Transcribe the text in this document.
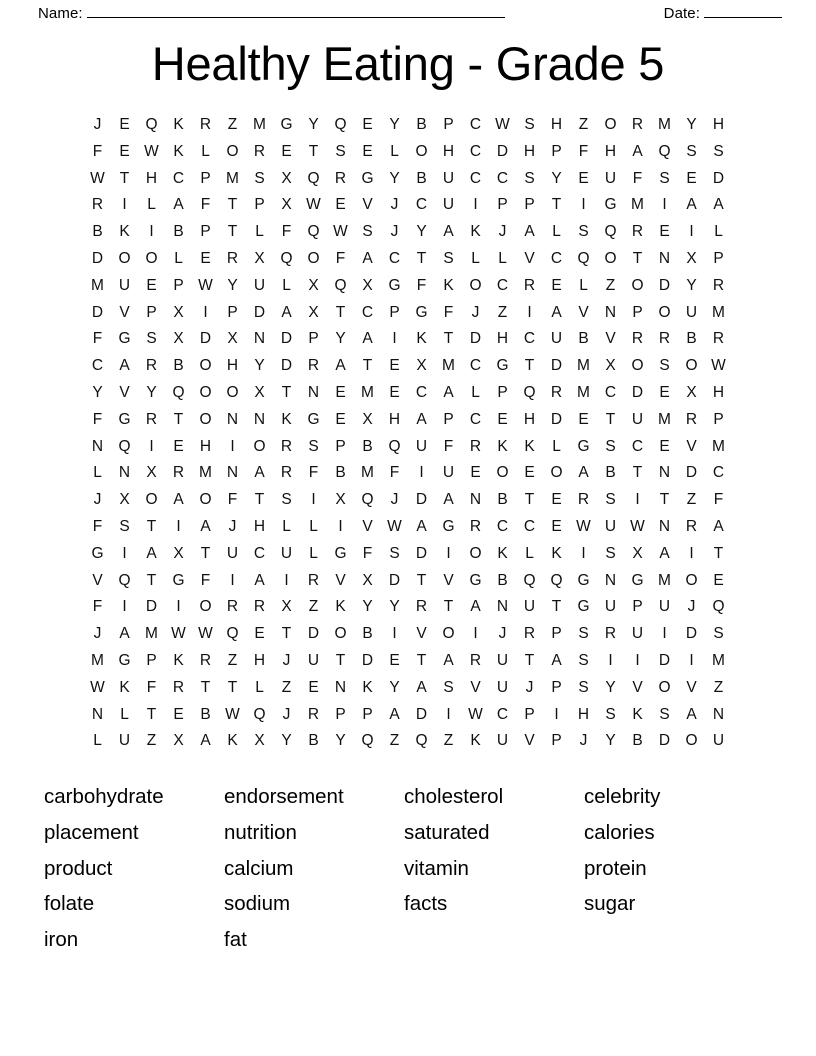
Name:	Date:
Healthy Eating - Grade 5
J	E	Q	K	R	Z	M G	Y	Q	E	Y	B	P	C W S	H	Z	O R M Y	H
F	E W K	L	O R	E	T	S	E	L	O H	C	D	H	P	F	H	A	Q	S	S
W T	H	C	P M S	X	Q R G	Y	B	U	C	C	S	Y	E	U	F	S	E	D
R	I	L	A	F	T	P	X W E	V	J	C	U	I	P	P	T	I	G M	I	A	A
B	K	I	B	P	T	L	F	Q W S	J	Y	A	K	J	A	L	S	Q R	E	I	L
D O O	L	E	R	X	Q O	F	A	C	T	S	L	L	V	C Q O	T	N	X	P
M U	E	P W Y	U	L	X	Q	X	G	F	K	O C	R	E	L	Z	O D	Y	R
D	V	P	X	I	P	D	A	X	T	C	P	G	F	J	Z	I	A	V	N	P	O U M
F	G	S	X	D	X	N	D	P	Y	A	I	K	T	D	H	C	U	B	V	R	R	B	R
C	A	R	B	O H	Y	D	R	A	T	E	X M C G	T	D M X	O	S	O W
Y	V	Y	Q O O	X	T	N	E M E	C	A	L	P	Q R M C	D	E	X	H
F	G R	T	O N	N	K	G	E	X	H	A	P	C	E	H	D	E	T	U M R	P
N Q	I	E	H	I	O R	S	P	B	Q U	F	R	K	K	L	G	S	C	E	V M
L	N	X	R M N	A	R	F	B M	F	I	U	E	O	E	O	A	B	T	N	D	C
J	X	O	A	O	F	T	S	I	X	Q	J	D	A	N	B	T	E	R	S	I	T	Z	F
F	S	T	I	A	J	H	L	L	I	V W A	G R	C	C	E W U W N	R	A
G	I	A	X	T	U	C	U	L	G	F	S	D	I	O	K	L	K	I	S	X	A	I	T
V	Q	T	G	F	I	A	I	R	V	X	D	T	V	G	B	Q Q G N G M O	E
F	I	D	I	O R	R	X	Z	K	Y	Y	R	T	A	N	U	T	G U	P	U	J	Q
J	A M W W Q	E	T	D O	B	I	V	O	I	J	R	P	S	R	U	I	D	S
M G	P	K	R	Z	H	J	U	T	D	E	T	A	R	U	T	A	S	I	I	D	I	M
W K	F	R	T	T	L	Z	E	N	K	Y	A	S	V	U	J	P	S	Y	V	O	V	Z
N	L	T	E	B W Q	J	R	P	P	A	D	I	W C	P	I	H	S	K	S	A	N
L	U	Z	X	A	K	X	Y	B	Y	Q	Z	Q	Z	K	U	V	P	J	Y	B	D O U
carbohydrate
placement
product
folate
iron
endorsement
nutrition
calcium
sodium
fat
cholesterol
saturated
vitamin
facts
celebrity
calories
protein
sugar
